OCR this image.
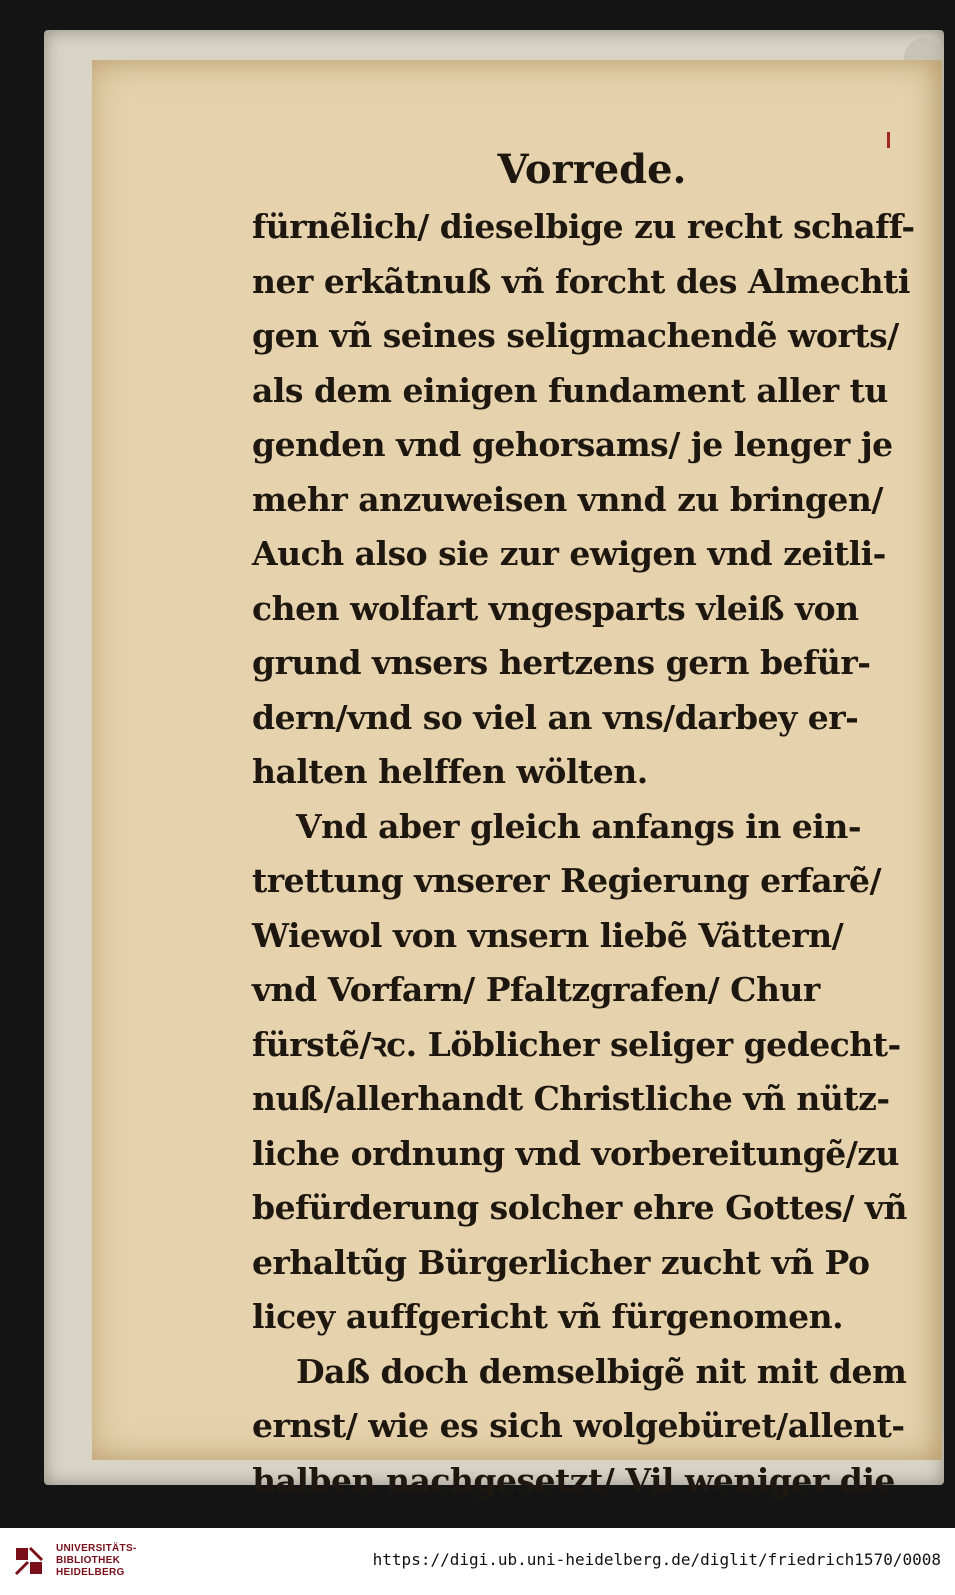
Vorrede.
fürnẽlich/ dieselbige zu recht schaff-
ner erkãtnuß vñ forcht des Almechti
gen vñ seines seligmachendẽ worts/
als dem einigen fundament aller tu
genden vnd gehorsams/ je lenger je
mehr anzuweisen vnnd zu bringen/
Auch also sie zur ewigen vnd zeitli-
chen wolfart vngesparts vleiß von
grund vnsers hertzens gern befür-
dern/vnd so viel an vns/darbey er-
halten helffen wölten.
Vnd aber gleich anfangs in ein-
trettung vnserer Regierung erfarẽ/
Wiewol von vnsern liebẽ Vättern/
vnd Vorfarn/ Pfaltzgrafen/ Chur
fürstẽ/ꝛc. Löblicher seliger gedecht-
nuß/allerhandt Christliche vñ nütz-
liche ordnung vnd vorbereitungẽ/zu
befürderung solcher ehre Gottes/ vñ
erhaltũg Bürgerlicher zucht vñ Po
licey auffgericht vñ fürgenomen.
Daß doch demselbigẽ nit mit dem
ernst/ wie es sich wolgebüret/allent-
halben nachgesetzt/ Vil weniger die
UNIVERSITÄTS-
BIBLIOTHEK
HEIDELBERG
https://digi.ub.uni-heidelberg.de/diglit/friedrich1570/0008
